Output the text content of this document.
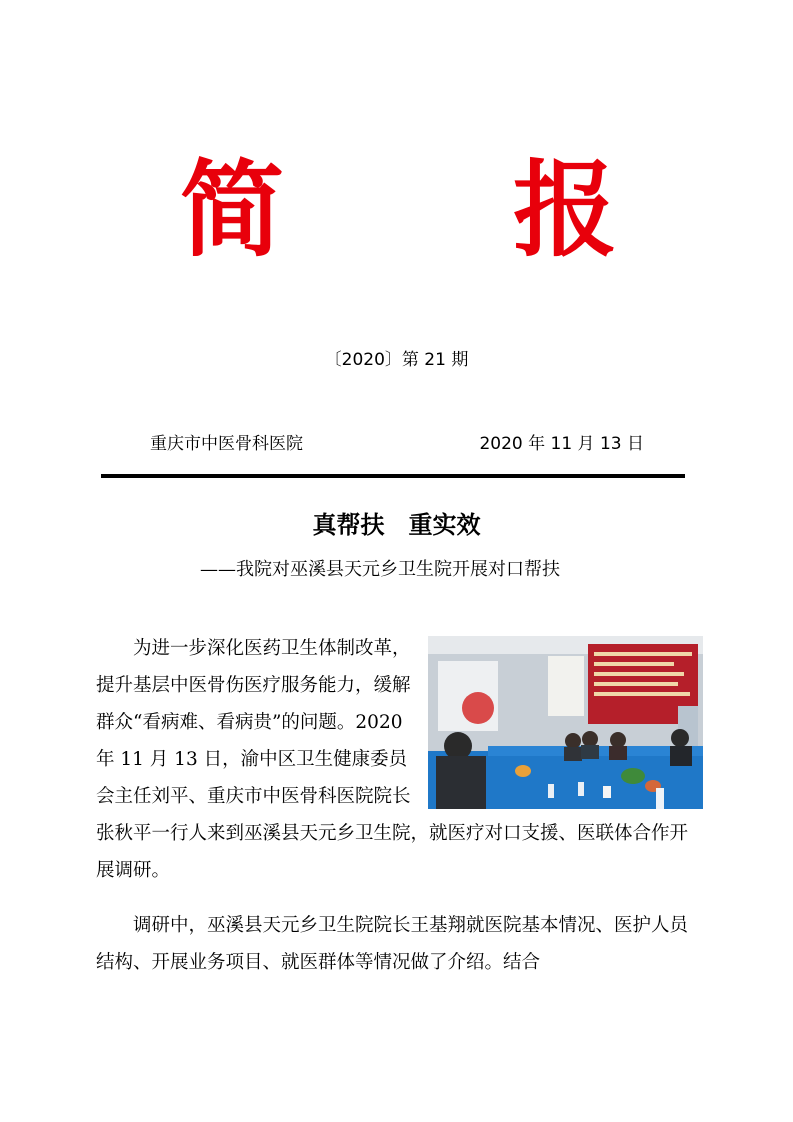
简 报
〔2020〕第 21 期
重庆市中医骨科医院	2020 年 11 月 13 日
真帮扶　重实效
——我院对巫溪县天元乡卫生院开展对口帮扶

为进一步深化医药卫生体制改革，提升基层中医骨伤医疗服务能力，缓解群众“看病难、看病贵”的问题。2020 年 11 月 13 日，渝中区卫生健康委员会主任刘平、重庆市中医骨科医院院长张秋平一行人来到巫溪县天元乡卫生院，就医疗对口支援、医联体合作开展调研。

调研中，巫溪县天元乡卫生院院长王基翔就医院基本情况、医护人员结构、开展业务项目、就医群体等情况做了介绍。结合
